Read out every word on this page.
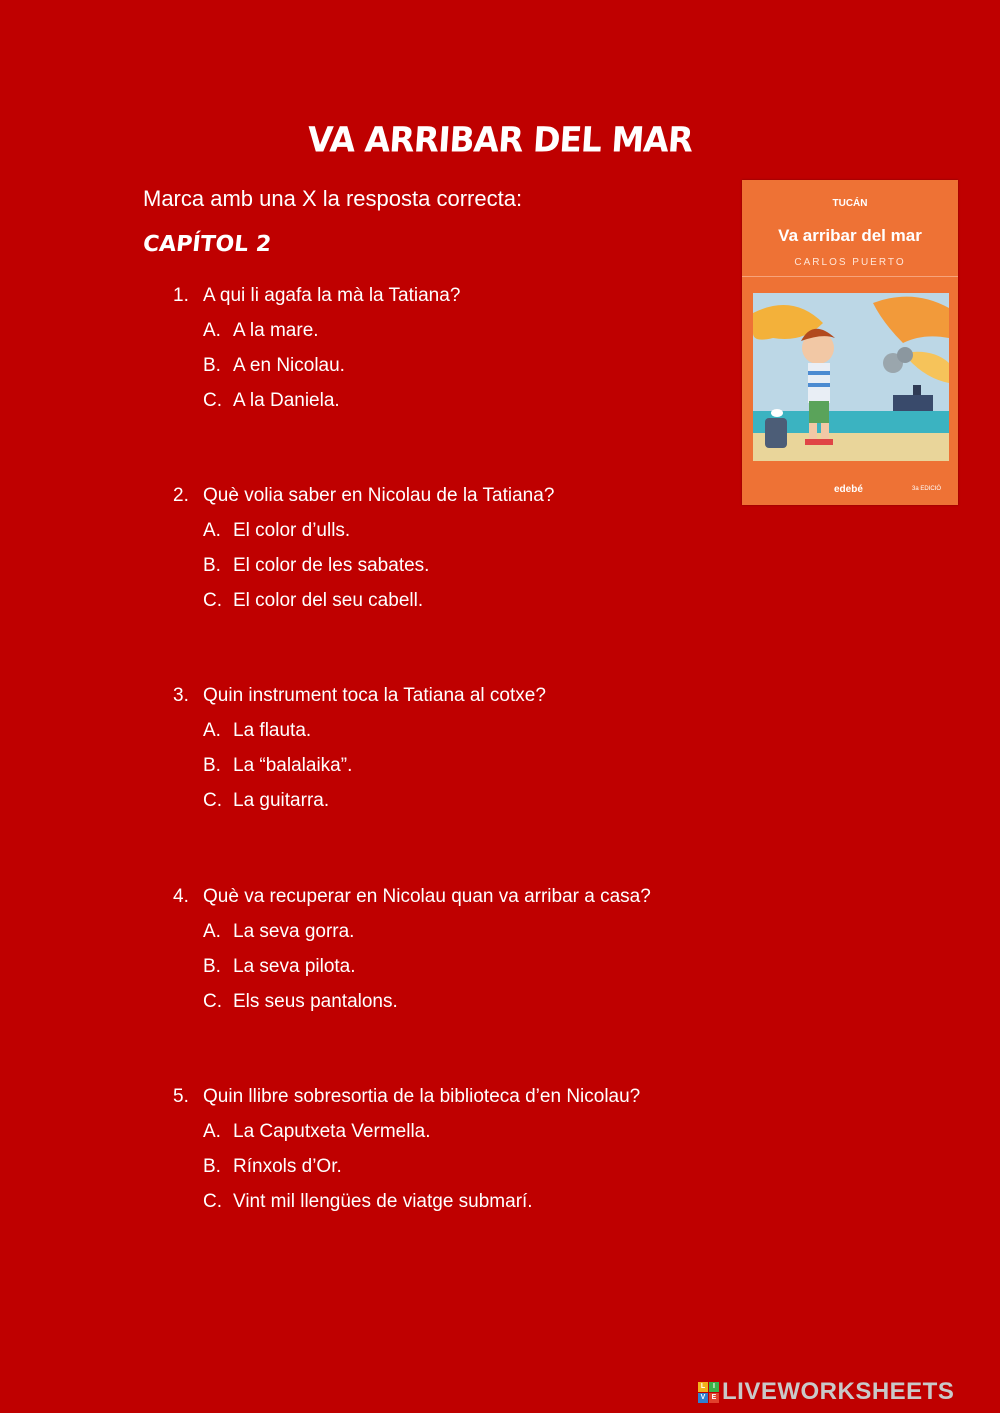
VA ARRIBAR DEL MAR
Marca amb una X la resposta correcta:
CAPÍTOL 2
1. A qui li agafa la mà la Tatiana?
A. A la mare.
B. A en Nicolau.
C. A la Daniela.
2. Què volia saber en Nicolau de la Tatiana?
A. El color d’ulls.
B. El color de les sabates.
C. El color del seu cabell.
3. Quin instrument toca la Tatiana al cotxe?
A. La flauta.
B. La “balalaika”.
C. La guitarra.
4. Què va recuperar en Nicolau quan va arribar a casa?
A. La seva gorra.
B. La seva pilota.
C. Els seus pantalons.
5. Quin llibre sobresortia de la biblioteca d’en Nicolau?
A. La Caputxeta Vermella.
B. Rínxols d’Or.
C. Vint mil llengües de viatge submarí.
TUCÁN
Va arribar del mar
CARLOS PUERTO
edebé	3a EDICIÓ
L	I
V E LIVEWORKSHEETS
